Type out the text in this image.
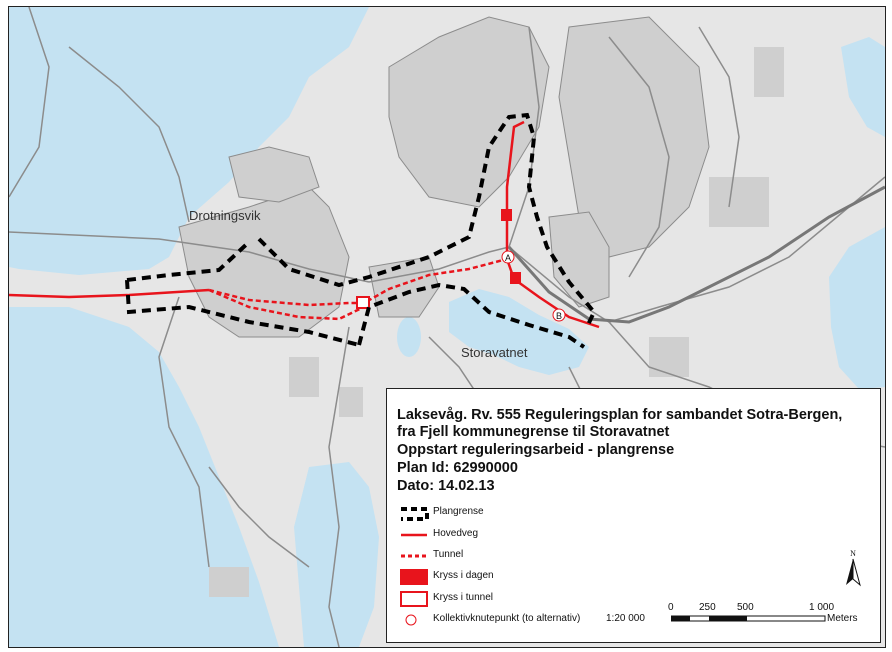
A
B
Drotningsvik
Storavatnet
Laksevåg. Rv. 555 Reguleringsplan for sambandet Sotra-Bergen,
fra Fjell kommunegrense til Storavatnet
Oppstart reguleringsarbeid - plangrense
Plan Id: 62990000
Dato: 14.02.13
Plangrense
Hovedveg
Tunnel
Kryss i dagen
Kryss i tunnel
Kollektivknutepunkt (to alternativ)
N
1:20 000
0	250 500	1 000
Meters
